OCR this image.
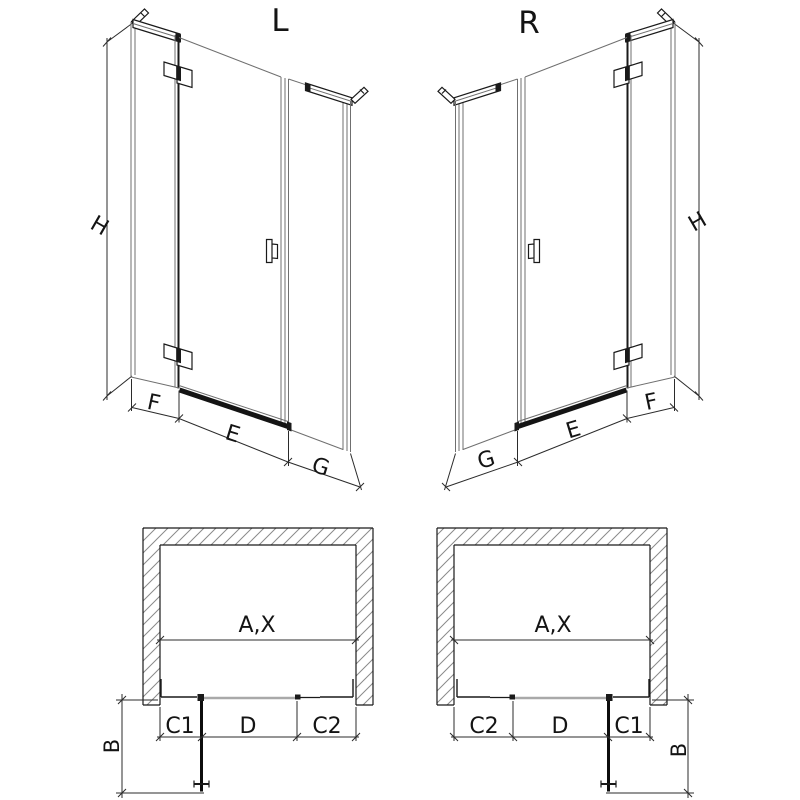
L	R
H
F
E
G
H
G
E
F
A,X
C1 D	C2
B
A,X
C2 D C1
B
